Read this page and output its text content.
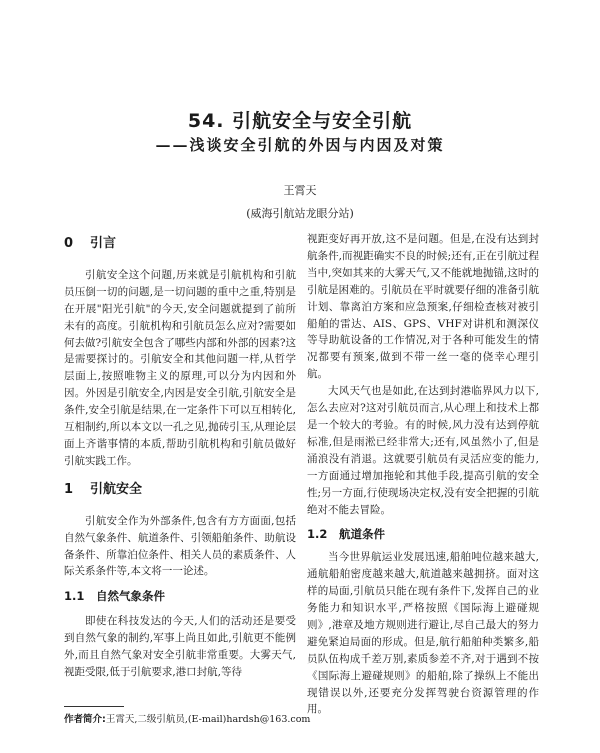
54. 引航安全与安全引航
——浅谈安全引航的外因与内因及对策
王霄天
(威海引航站龙眼分站)
0 引言

引航安全这个问题,历来就是引航机构和引航员压倒一切的问题,是一切问题的重中之重,特别是在开展"阳光引航"的今天,安全问题就提到了前所未有的高度。引航机构和引航员怎么应对?需要如何去做?引航安全包含了哪些内部和外部的因素?这是需要探讨的。引航安全和其他问题一样,从哲学层面上,按照唯物主义的原理,可以分为内因和外因。外因是引航安全,内因是安全引航,引航安全是条件,安全引航是结果,在一定条件下可以互相转化,互相制约,所以本文以一孔之见,抛砖引玉,从理论层面上齐谐事情的本质,帮助引航机构和引航员做好引航实践工作。

1 引航安全

引航安全作为外部条件,包含有方方面面,包括自然气象条件、航道条件、引领船舶条件、助航设备条件、所靠泊位条件、相关人员的素质条件、人际关系条件等,本文将一一论述。

1.1 自然气象条件

即使在科技发达的今天,人们的活动还是要受到自然气象的制约,军事上尚且如此,引航更不能例外,而且自然气象对安全引航非常重要。大雾天气,视距受限,低于引航要求,港口封航,等待

视距变好再开放,这不是问题。但是,在没有达到封航条件,而视距确实不良的时候;还有,正在引航过程当中,突如其来的大雾天气,又不能就地抛锚,这时的引航是困难的。引航员在平时就要仔细的准备引航计划、靠离泊方案和应急预案,仔细检查核对被引船舶的雷达、AIS、GPS、VHF对讲机和测深仪等导助航设备的工作情况,对于各种可能发生的情况都要有预案,做到不带一丝一毫的侥幸心理引航。

大风天气也是如此,在达到封港临界风力以下,怎么去应对?这对引航员而言,从心理上和技术上都是一个较大的考验。有的时候,风力没有达到停航标准,但是雨淞已经非常大;还有,风虽然小了,但是涌浪没有消退。这就要引航员有灵活应变的能力,一方面通过增加拖轮和其他手段,提高引航的安全性;另一方面,行使现场决定权,没有安全把握的引航绝对不能去冒险。

1.2 航道条件

当今世界航运业发展迅速,船舶吨位越来越大,通航船舶密度越来越大,航道越来越拥挤。面对这样的局面,引航员只能在现有条件下,发挥自己的业务能力和知识水平,严格按照《国际海上避碰规则》,港章及地方规则进行避让,尽自己最大的努力避免紧迫局面的形成。但是,航行船舶种类繁多,船员队伍构成千差万别,素质参差不齐,对于遇到不按《国际海上避碰规则》的船舶,除了操纵上不能出现错误以外,还要充分发挥驾驶台资源管理的作用。

作者简介:王霄天,二级引航员,(E-mail)hardsh@163.com
